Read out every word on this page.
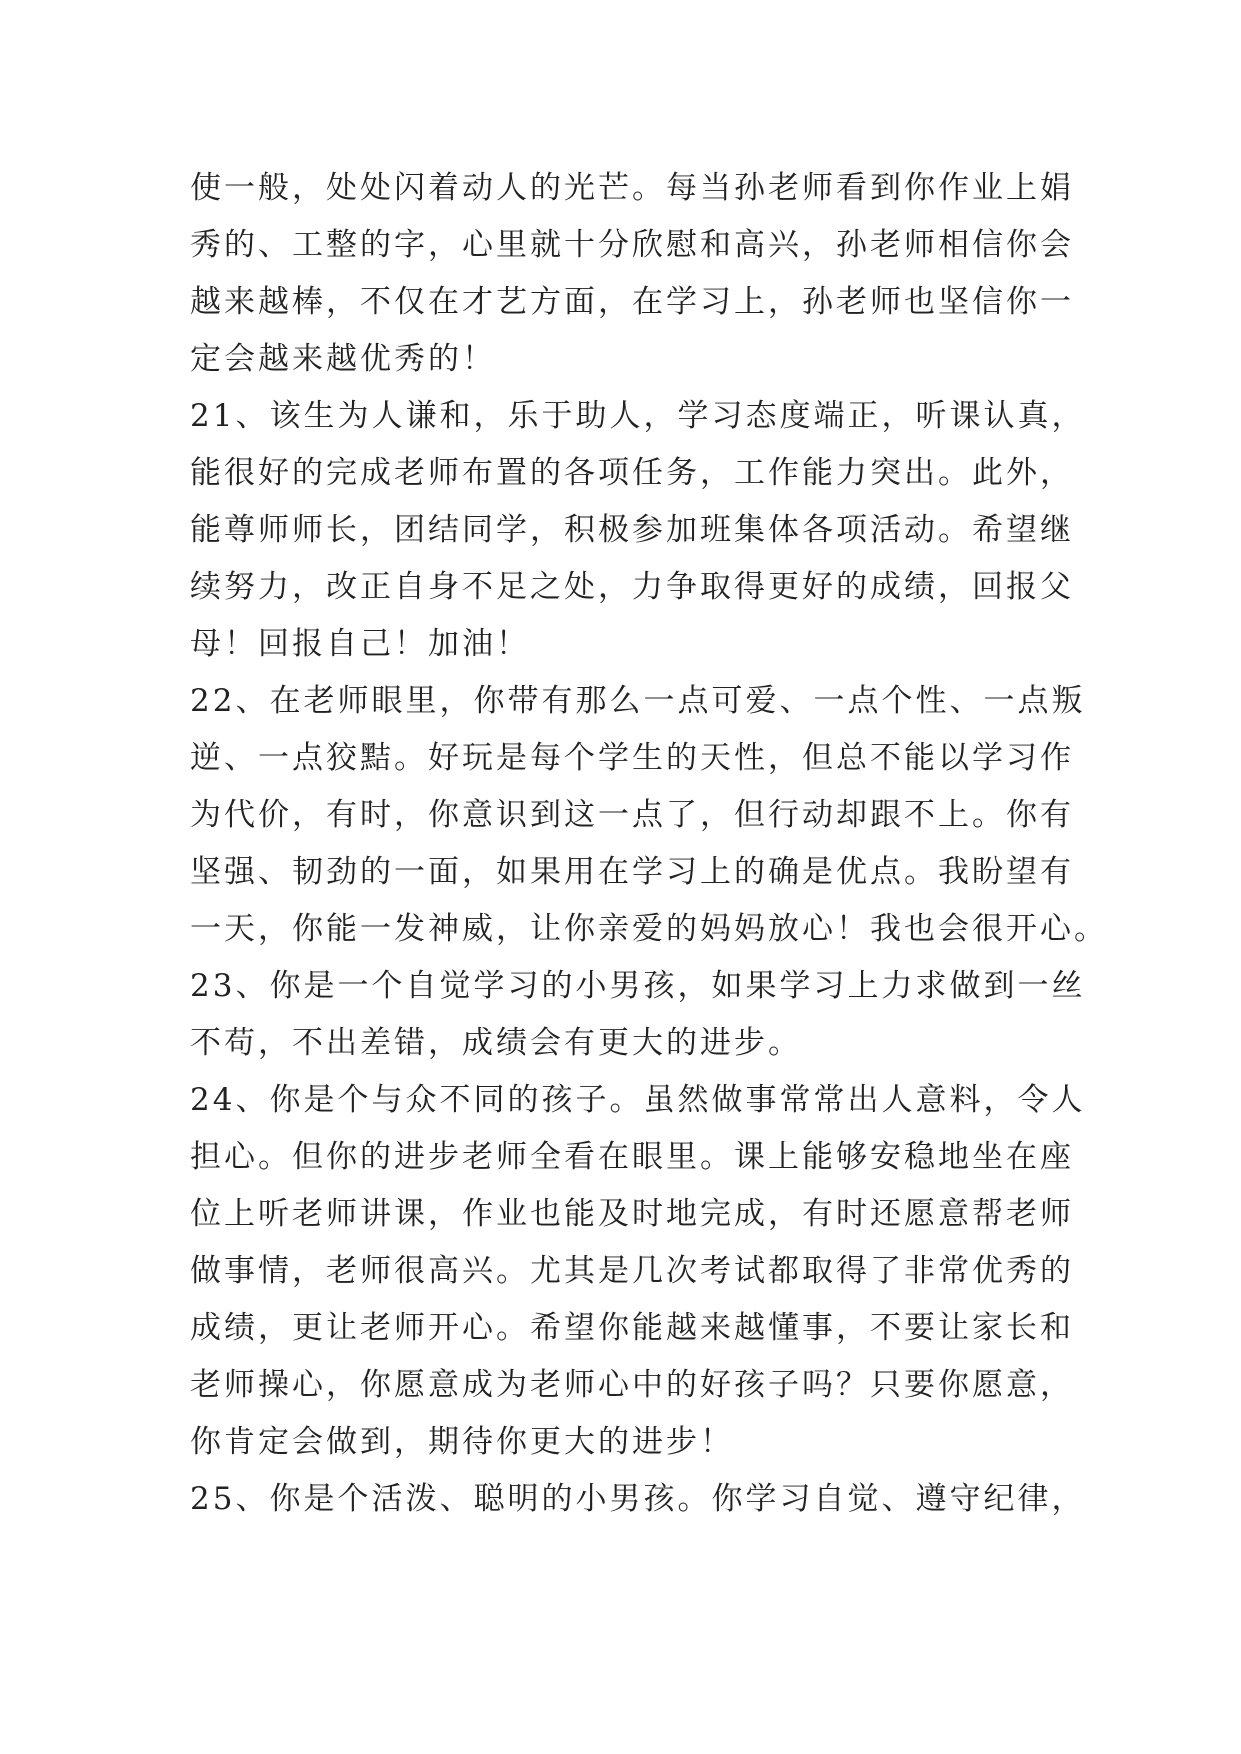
使一般，处处闪着动人的光芒。每当孙老师看到你作业上娟
秀的、工整的字，心里就十分欣慰和高兴，孙老师相信你会
越来越棒，不仅在才艺方面，在学习上，孙老师也坚信你一
定会越来越优秀的！
21、该生为人谦和，乐于助人，学习态度端正，听课认真，
能很好的完成老师布置的各项任务，工作能力突出。此外，
能尊师师长，团结同学，积极参加班集体各项活动。希望继
续努力，改正自身不足之处，力争取得更好的成绩，回报父
母！回报自己！加油！
22、在老师眼里，你带有那么一点可爱、一点个性、一点叛
逆、一点狡黠。好玩是每个学生的天性，但总不能以学习作
为代价，有时，你意识到这一点了，但行动却跟不上。你有
坚强、韧劲的一面，如果用在学习上的确是优点。我盼望有
一天，你能一发神威，让你亲爱的妈妈放心！我也会很开心。
23、你是一个自觉学习的小男孩，如果学习上力求做到一丝
不苟，不出差错，成绩会有更大的进步。
24、你是个与众不同的孩子。虽然做事常常出人意料，令人
担心。但你的进步老师全看在眼里。课上能够安稳地坐在座
位上听老师讲课，作业也能及时地完成，有时还愿意帮老师
做事情，老师很高兴。尤其是几次考试都取得了非常优秀的
成绩，更让老师开心。希望你能越来越懂事，不要让家长和
老师操心，你愿意成为老师心中的好孩子吗？只要你愿意，
你肯定会做到，期待你更大的进步！
25、你是个活泼、聪明的小男孩。你学习自觉、遵守纪律，
